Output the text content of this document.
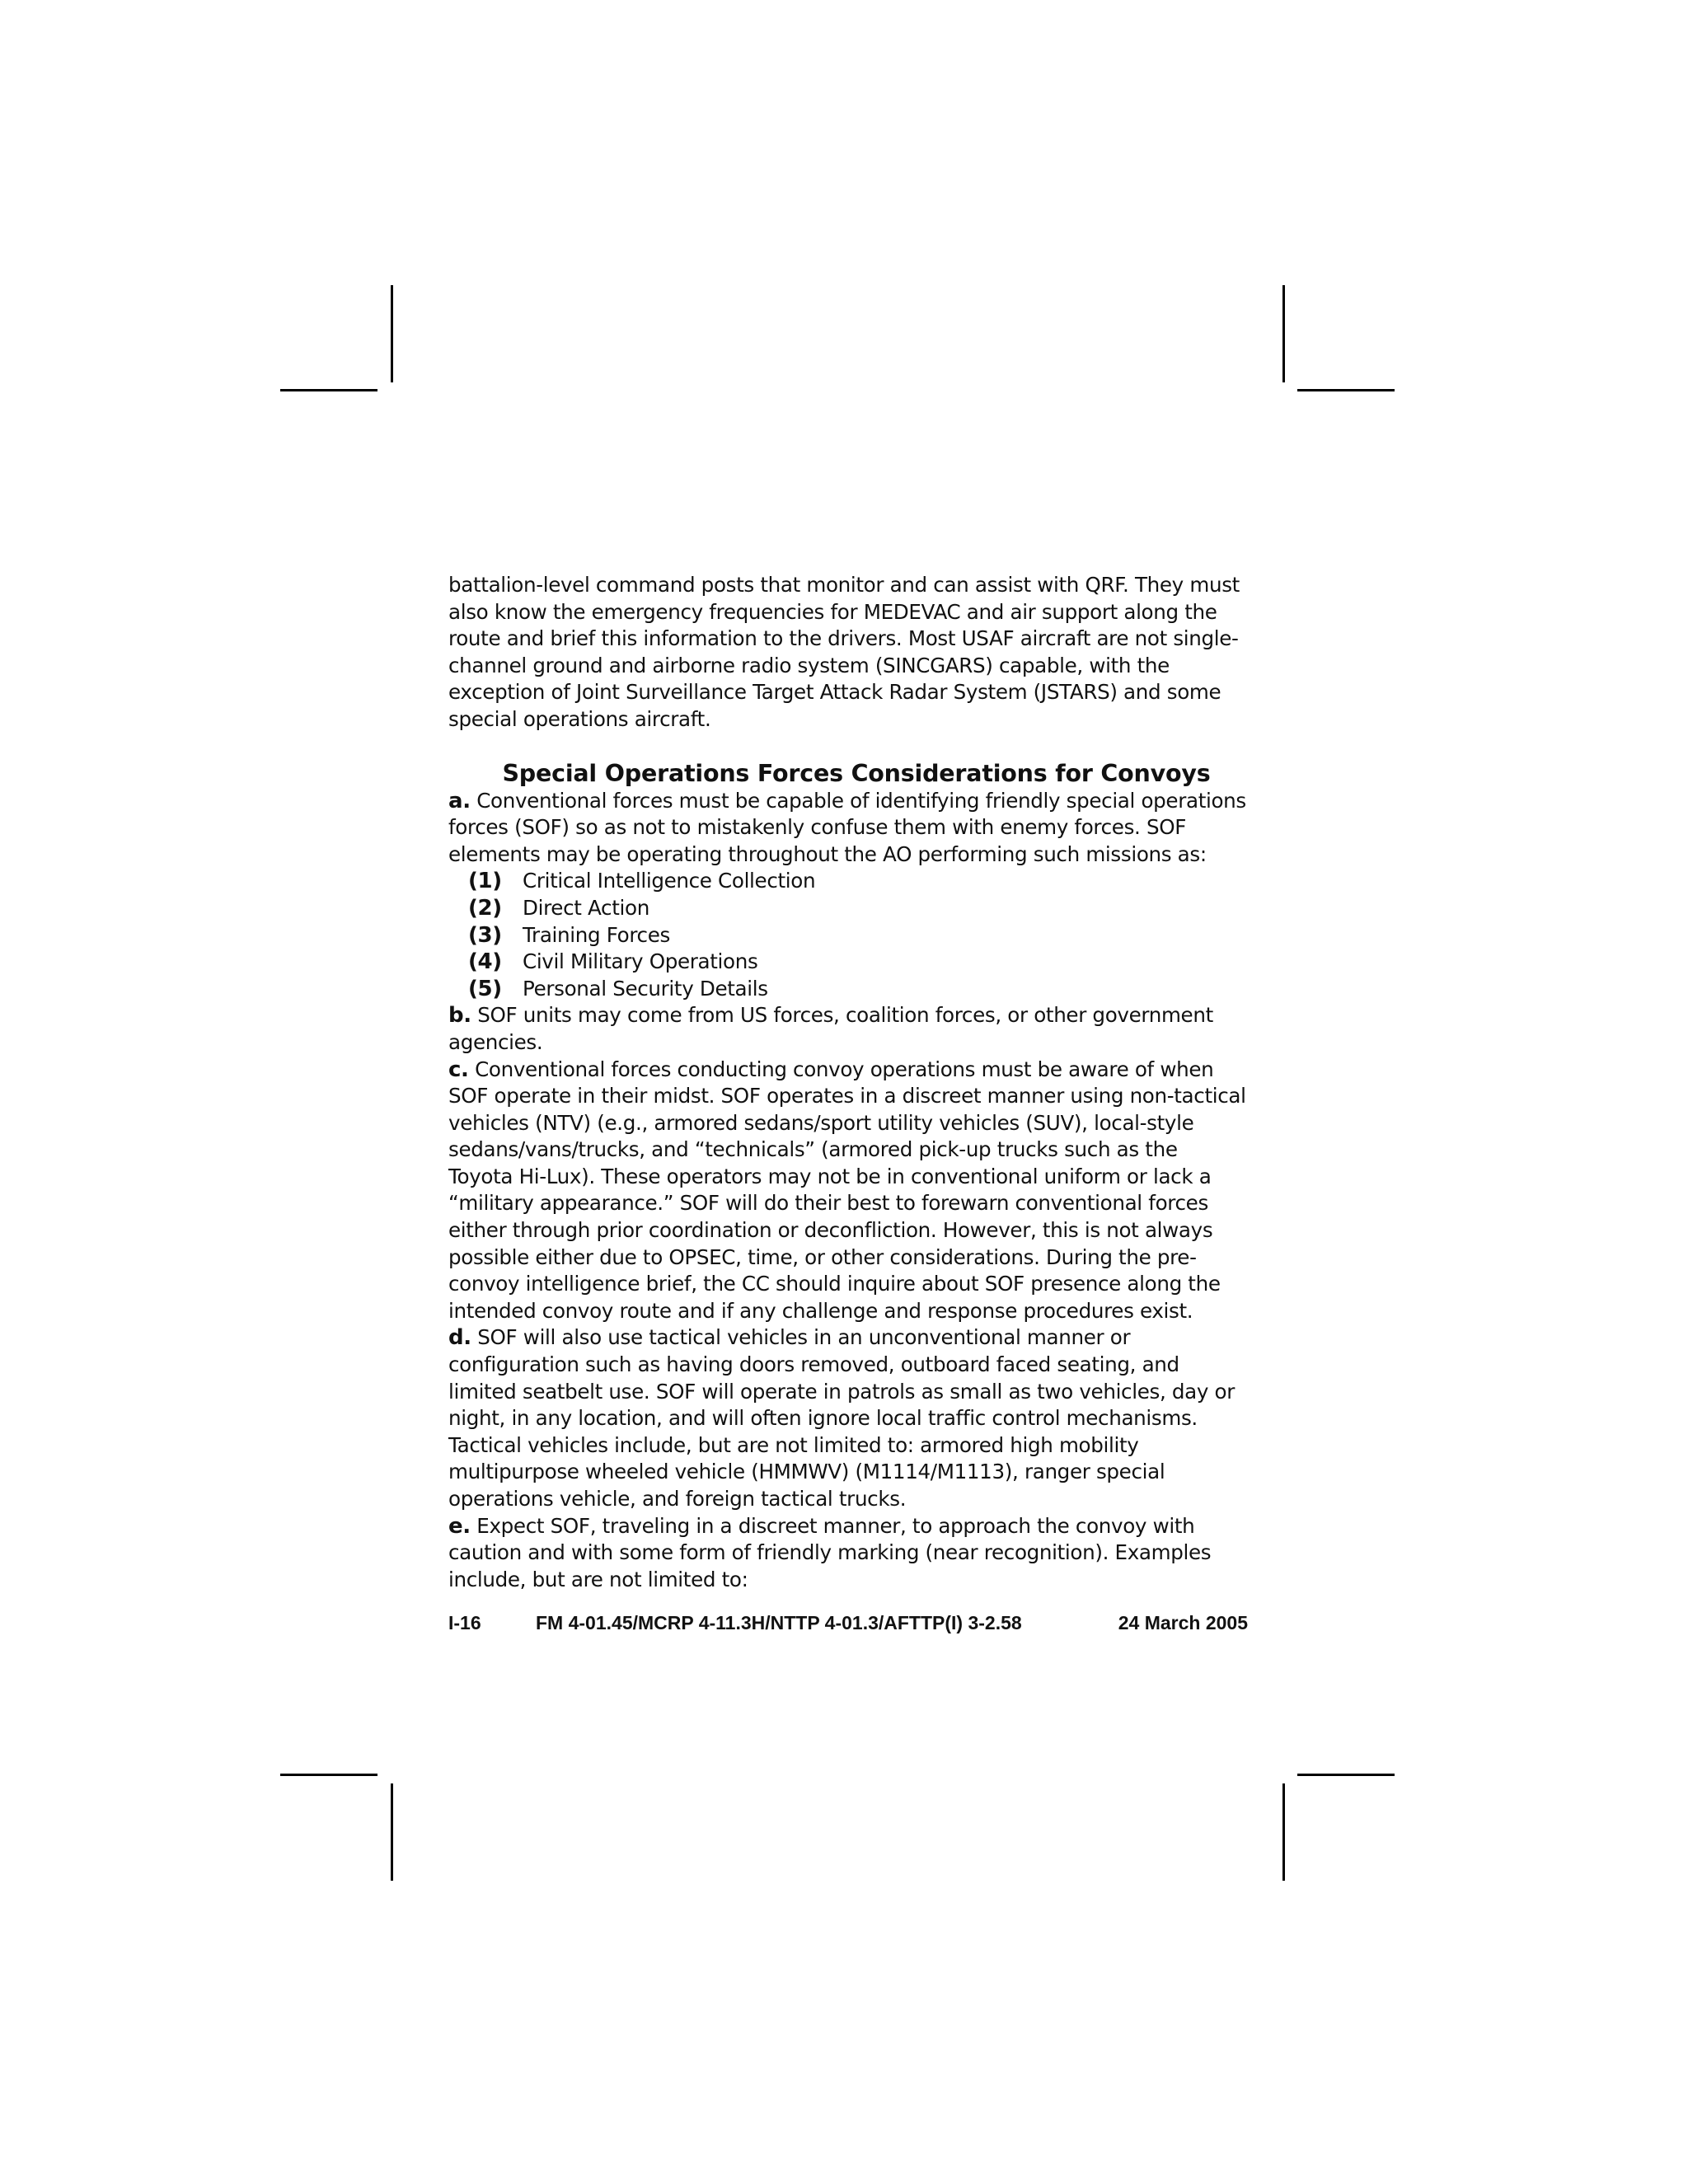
battalion-level command posts that monitor and can assist with QRF. They must also know the emergency frequencies for MEDEVAC and air support along the route and brief this information to the drivers. Most USAF aircraft are not single-channel ground and airborne radio system (SINCGARS) capable, with the exception of Joint Surveillance Target Attack Radar System (JSTARS) and some special operations aircraft.

Special Operations Forces Considerations for Convoys

a. Conventional forces must be capable of identifying friendly special operations forces (SOF) so as not to mistakenly confuse them with enemy forces. SOF elements may be operating throughout the AO performing such missions as:

(1)	Critical Intelligence Collection
(2)	Direct Action
(3)	Training Forces
(4)	Civil Military Operations
(5)	Personal Security Details

b. SOF units may come from US forces, coalition forces, or other government agencies.

c. Conventional forces conducting convoy operations must be aware of when SOF operate in their midst. SOF operates in a discreet manner using non-tactical vehicles (NTV) (e.g., armored sedans/sport utility vehicles (SUV), local-style sedans/vans/trucks, and “technicals” (armored pick-up trucks such as the Toyota Hi-Lux). These operators may not be in conventional uniform or lack a “military appearance.” SOF will do their best to forewarn conventional forces either through prior coordination or deconfliction. However, this is not always possible either due to OPSEC, time, or other considerations. During the pre-convoy intelligence brief, the CC should inquire about SOF presence along the intended convoy route and if any challenge and response procedures exist.

d. SOF will also use tactical vehicles in an unconventional manner or configuration such as having doors removed, outboard faced seating, and limited seatbelt use. SOF will operate in patrols as small as two vehicles, day or night, in any location, and will often ignore local traffic control mechanisms. Tactical vehicles include, but are not limited to: armored high mobility multipurpose wheeled vehicle (HMMWV) (M1114/M1113), ranger special operations vehicle, and foreign tactical trucks.

e. Expect SOF, traveling in a discreet manner, to approach the convoy with caution and with some form of friendly marking (near recognition). Examples include, but are not limited to:

I-16	FM 4-01.45/MCRP 4-11.3H/NTTP 4-01.3/AFTTP(I) 3-2.58	24 March 2005
